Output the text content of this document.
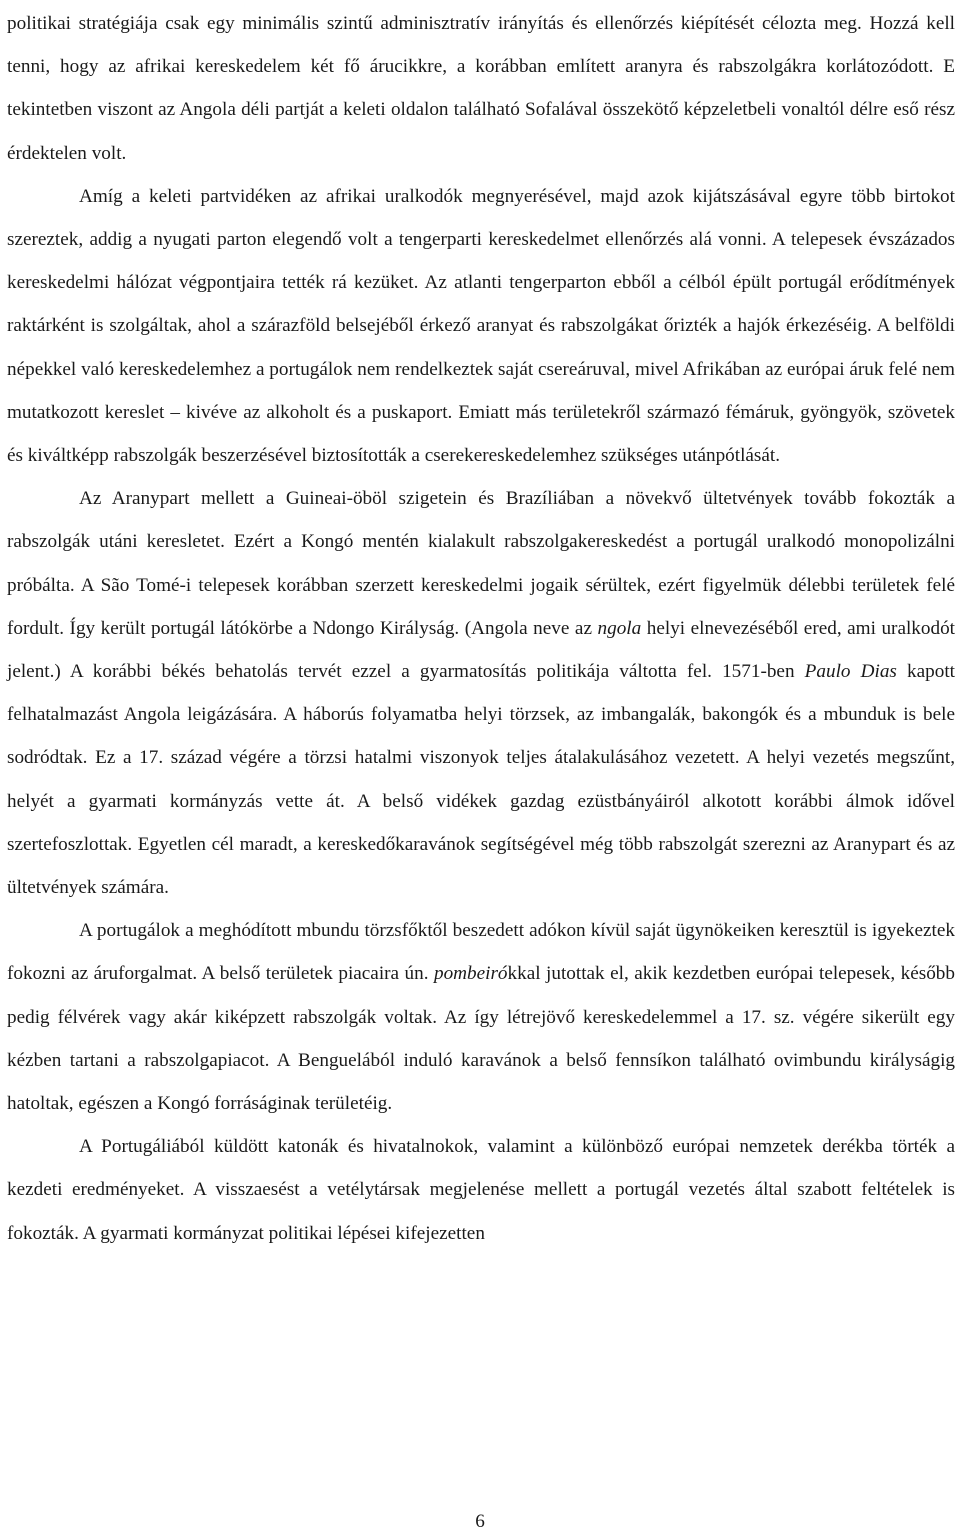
politikai stratégiája csak egy minimális szintű adminisztratív irányítás és ellenőrzés kiépítését célozta meg. Hozzá kell tenni, hogy az afrikai kereskedelem két fő árucikkre, a korábban említett aranyra és rabszolgákra korlátozódott. E tekintetben viszont az Angola déli partját a keleti oldalon található Sofalával összekötő képzeletbeli vonaltól délre eső rész érdektelen volt.
Amíg a keleti partvidéken az afrikai uralkodók megnyerésével, majd azok kijátszásával egyre több birtokot szereztek, addig a nyugati parton elegendő volt a tengerparti kereskedelmet ellenőrzés alá vonni. A telepesek évszázados kereskedelmi hálózat végpontjaira tették rá kezüket. Az atlanti tengerparton ebből a célból épült portugál erődítmények raktárként is szolgáltak, ahol a szárazföld belsejéből érkező aranyat és rabszolgákat őrizték a hajók érkezéséig. A belföldi népekkel való kereskedelemhez a portugálok nem rendelkeztek saját csereáruval, mivel Afrikában az európai áruk felé nem mutatkozott kereslet – kivéve az alkoholt és a puskaport. Emiatt más területekről származó fémáruk, gyöngyök, szövetek és kiváltképp rabszolgák beszerzésével biztosították a cserekereskedelemhez szükséges utánpótlását.
Az Aranypart mellett a Guineai-öböl szigetein és Brazíliában a növekvő ültetvények tovább fokozták a rabszolgák utáni keresletet. Ezért a Kongó mentén kialakult rabszolgakereskedést a portugál uralkodó monopolizálni próbálta. A São Tomé-i telepesek korábban szerzett kereskedelmi jogaik sérültek, ezért figyelmük délebbi területek felé fordult. Így került portugál látókörbe a Ndongo Királyság. (Angola neve az ngola helyi elnevezéséből ered, ami uralkodót jelent.) A korábbi békés behatolás tervét ezzel a gyarmatosítás politikája váltotta fel. 1571-ben Paulo Dias kapott felhatalmazást Angola leigázására. A háborús folyamatba helyi törzsek, az imbangalák, bakongók és a mbunduk is bele sodródtak. Ez a 17. század végére a törzsi hatalmi viszonyok teljes átalakulásához vezetett. A helyi vezetés megszűnt, helyét a gyarmati kormányzás vette át. A belső vidékek gazdag ezüstbányáiról alkotott korábbi álmok idővel szertefoszlottak. Egyetlen cél maradt, a kereskedőkaravánok segítségével még több rabszolgát szerezni az Aranypart és az ültetvények számára.
A portugálok a meghódított mbundu törzsfőktől beszedett adókon kívül saját ügynökeiken keresztül is igyekeztek fokozni az áruforgalmat. A belső területek piacaira ún. pombeirókkal jutottak el, akik kezdetben európai telepesek, később pedig félvérek vagy akár kiképzett rabszolgák voltak. Az így létrejövő kereskedelemmel a 17. sz. végére sikerült egy kézben tartani a rabszolgapiacot. A Benguelából induló karavánok a belső fennsíkon található ovimbundu királyságig hatoltak, egészen a Kongó forráságinak területéig.
A Portugáliából küldött katonák és hivatalnokok, valamint a különböző európai nemzetek derékba törték a kezdeti eredményeket. A visszaesést a vetélytársak megjelenése mellett a portugál vezetés által szabott feltételek is fokozták. A gyarmati kormányzat politikai lépései kifejezetten
6
